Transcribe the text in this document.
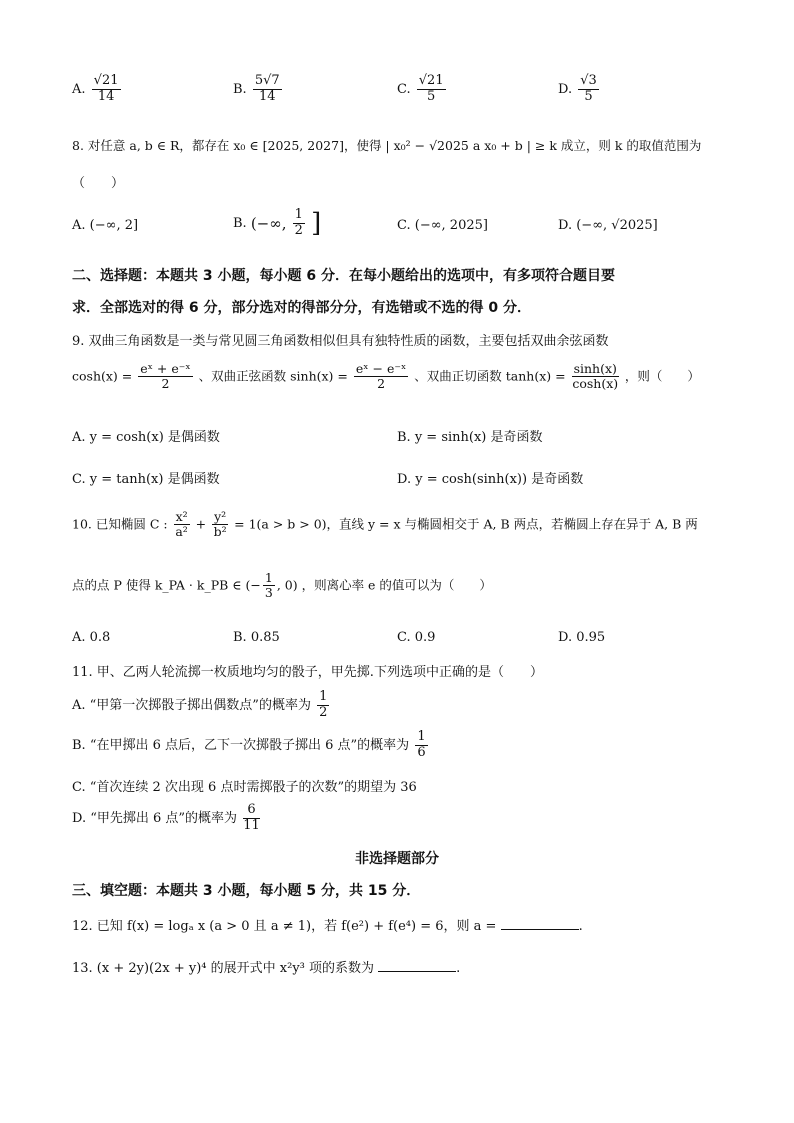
A. $\frac{√21}{14}$	B. $\frac{5√7}{14}$	C. $\frac{√21}{5}$	D. $\frac{√3}{5}$
8. 对任意 a, b ∈ R，都存在 x₀ ∈ [2025, 2027]，使得 | x₀² − √2025 a x₀ + b | ≥ k 成立，则 k 的取值范围为
（　　）
A. (−∞, 2]	B. (−∞, $\frac{1}{2}$ ]	C. (−∞, 2025]	D. (−∞, √2025]
二、选择题：本题共 3 小题，每小题 6 分．在每小题给出的选项中，有多项符合题目要
求．全部选对的得 6 分，部分选对的得部分分，有选错或不选的得 0 分．
9. 双曲三角函数是一类与常见圆三角函数相似但具有独特性质的函数，主要包括双曲余弦函数
$\cosh(x) = \frac{\text{eˣ + e⁻ˣ}}{2}$ 、双曲正弦函数 $\sinh(x) = \frac{\text{eˣ − e⁻ˣ}}{2}$ 、双曲正切函数 $\tanh(x) = \frac{\sinh(x)}{\cosh(x)}$ ，则（　　）
A. y = cosh(x) 是偶函数	B. y = sinh(x) 是奇函数
C. y = tanh(x) 是偶函数	D. y = cosh(sinh(x)) 是奇函数
10. 已知椭圆 C : $\frac{\text{x²}}{\text{a²}} + \frac{\text{y²}}{\text{b²}} = 1(a > b > 0)$，直线 y = x 与椭圆相交于 A, B 两点，若椭圆上存在异于 A, B 两
点的点 P 使得 k_PA · k_PB ∈ (− $\frac{1}{3}$ , 0) ，则离心率 e 的值可以为（　　）
A. 0.8	B. 0.85	C. 0.9	D. 0.95
11. 甲、乙两人轮流掷一枚质地均匀的骰子，甲先掷.下列选项中正确的是（　　）
A. “甲第一次掷骰子掷出偶数点”的概率为 $\frac{1}{2}$
B. “在甲掷出 6 点后，乙下一次掷骰子掷出 6 点”的概率为 $\frac{1}{6}$
C. “首次连续 2 次出现 6 点时需掷骰子的次数”的期望为 36
D. “甲先掷出 6 点”的概率为 $\frac{6}{11}$
非选择题部分
三、填空题：本题共 3 小题，每小题 5 分，共 15 分．
12. 已知 f(x) = logₐ x (a > 0 且 a ≠ 1)，若 f(e²) + f(e⁴) = 6，则 a =	.
13. (x + 2y)(2x + y)⁴ 的展开式中 x²y³ 项的系数为	.
